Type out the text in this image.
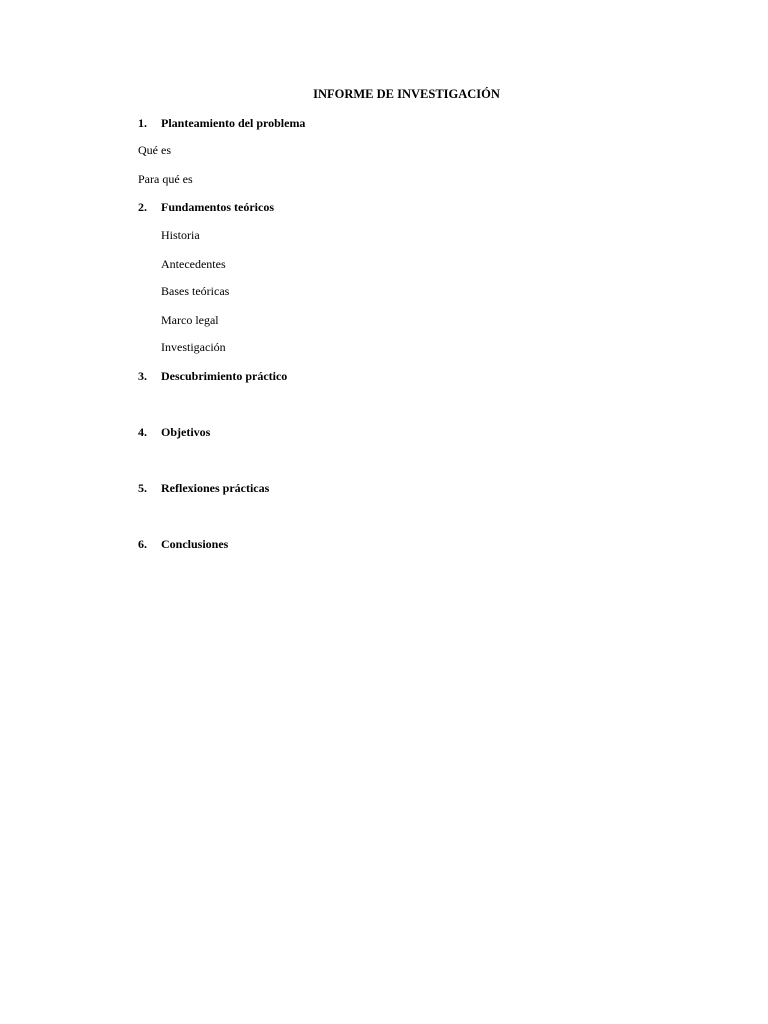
INFORME DE INVESTIGACIÓN
1. Planteamiento del problema
Qué es
Para qué es
2. Fundamentos teóricos
Historia
Antecedentes
Bases teóricas
Marco legal
Investigación
3. Descubrimiento práctico
4. Objetivos
5. Reflexiones prácticas
6. Conclusiones
